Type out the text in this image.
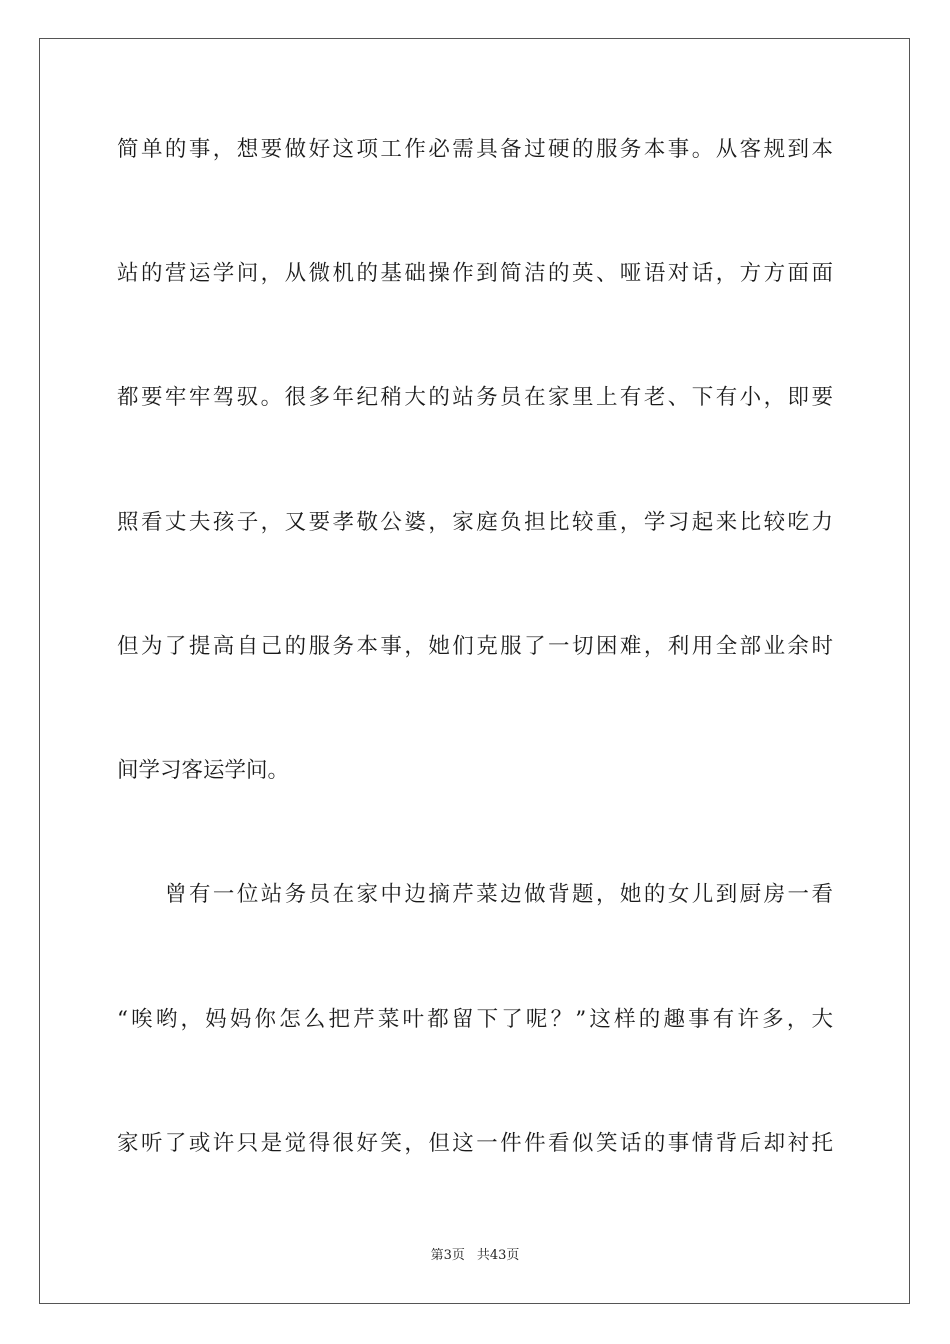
简单的事，想要做好这项工作必需具备过硬的服务本事。从客规到本
站的营运学问，从微机的基础操作到简洁的英、哑语对话，方方面面
都要牢牢驾驭。很多年纪稍大的站务员在家里上有老、下有小，即要
照看丈夫孩子，又要孝敬公婆，家庭负担比较重，学习起来比较吃力
但为了提高自己的服务本事，她们克服了一切困难，利用全部业余时
间学习客运学问。
曾有一位站务员在家中边摘芹菜边做背题，她的女儿到厨房一看
“唉哟，妈妈你怎么把芹菜叶都留下了呢？”这样的趣事有许多，大
家听了或许只是觉得很好笑，但这一件件看似笑话的事情背后却衬托
第3页 共43页
